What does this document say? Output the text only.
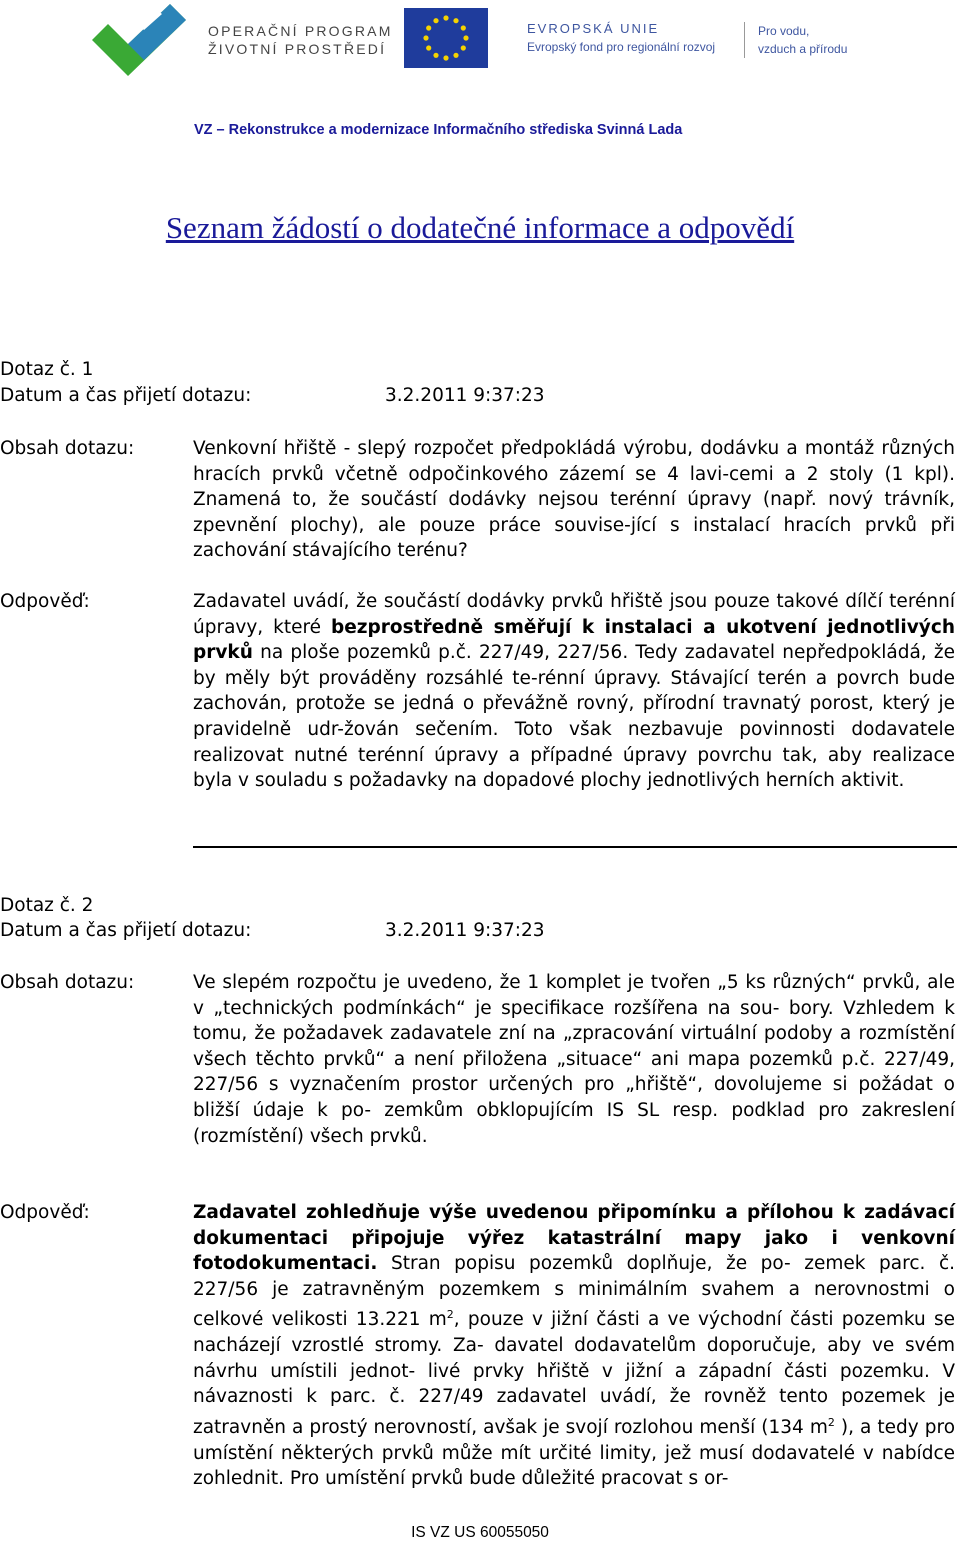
OPERAČNÍ PROGRAM
ŽIVOTNÍ PROSTŘEDÍ
EVROPSKÁ UNIE
Evropský fond pro regionální rozvoj
Pro vodu,
vzduch a přírodu
VZ – Rekonstrukce a modernizace Informačního střediska Svinná Lada
Seznam žádostí o dodatečné informace a odpovědí
Dotaz č. 1
Datum a čas přijetí dotazu:	3.2.2011 9:37:23
Obsah dotazu:	Venkovní hřiště - slepý rozpočet předpokládá výrobu, dodávku a montáž různých hracích prvků včetně odpočinkového zázemí se 4 lavi-cemi a 2 stoly (1 kpl). Znamená to, že součástí dodávky nejsou terénní úpravy (např. nový trávník, zpevnění plochy), ale pouze práce souvise-jící s instalací hracích prvků při zachování stávajícího terénu?
Odpověď:	Zadavatel uvádí, že součástí dodávky prvků hřiště jsou pouze takové dílčí terénní úpravy, které bezprostředně směřují k instalaci a ukotvení jednotlivých prvků na ploše pozemků p.č. 227/49, 227/56. Tedy zadavatel nepředpokládá, že by měly být prováděny rozsáhlé te-rénní úpravy. Stávající terén a povrch bude zachován, protože se jedná o převážně rovný, přírodní travnatý porost, který je pravidelně udr-žován sečením. Toto však nezbavuje povinnosti dodavatele realizovat nutné terénní úpravy a případné úpravy povrchu tak, aby realizace byla v souladu s požadavky na dopadové plochy jednotlivých herních aktivit.
Dotaz č. 2
Datum a čas přijetí dotazu:	3.2.2011 9:37:23
Obsah dotazu:	Ve slepém rozpočtu je uvedeno, že 1 komplet je tvořen „5 ks různých“ prvků, ale v „technických podmínkách“ je specifikace rozšířena na sou- bory. Vzhledem k tomu, že požadavek zadavatele zní na „zpracování virtuální podoby a rozmístění všech těchto prvků“ a není přiložena „situace“ ani mapa pozemků p.č. 227/49, 227/56 s vyznačením prostor určených pro „hřiště“, dovolujeme si požádat o bližší údaje k po- zemkům obklopujícím IS SL resp. podklad pro zakreslení (rozmístění) všech prvků.
Odpověď:	Zadavatel zohledňuje výše uvedenou připomínku a přílohou k zadávací dokumentaci připojuje výřez katastrální mapy jako i venkovní fotodokumentaci. Stran popisu pozemků doplňuje, že po- zemek parc. č. 227/56 je zatravněným pozemkem s minimálním svahem a nerovnostmi o celkové velikosti 13.221 $m^2$, pouze v jižní části a ve východní části pozemku se nacházejí vzrostlé stromy. Za- davatel dodavatelům doporučuje, aby ve svém návrhu umístili jednot- livé prvky hřiště v jižní a západní části pozemku. V návaznosti k parc. č. 227/49 zadavatel uvádí, že rovněž tento pozemek je zatravněn a prostý nerovností, avšak je svojí rozlohou menší (134 $m^2$ ), a tedy pro umístění některých prvků může mít určité limity, jež musí dodavatelé v nabídce zohlednit. Pro umístění prvků bude důležité pracovat s or-
IS VZ US 60055050
